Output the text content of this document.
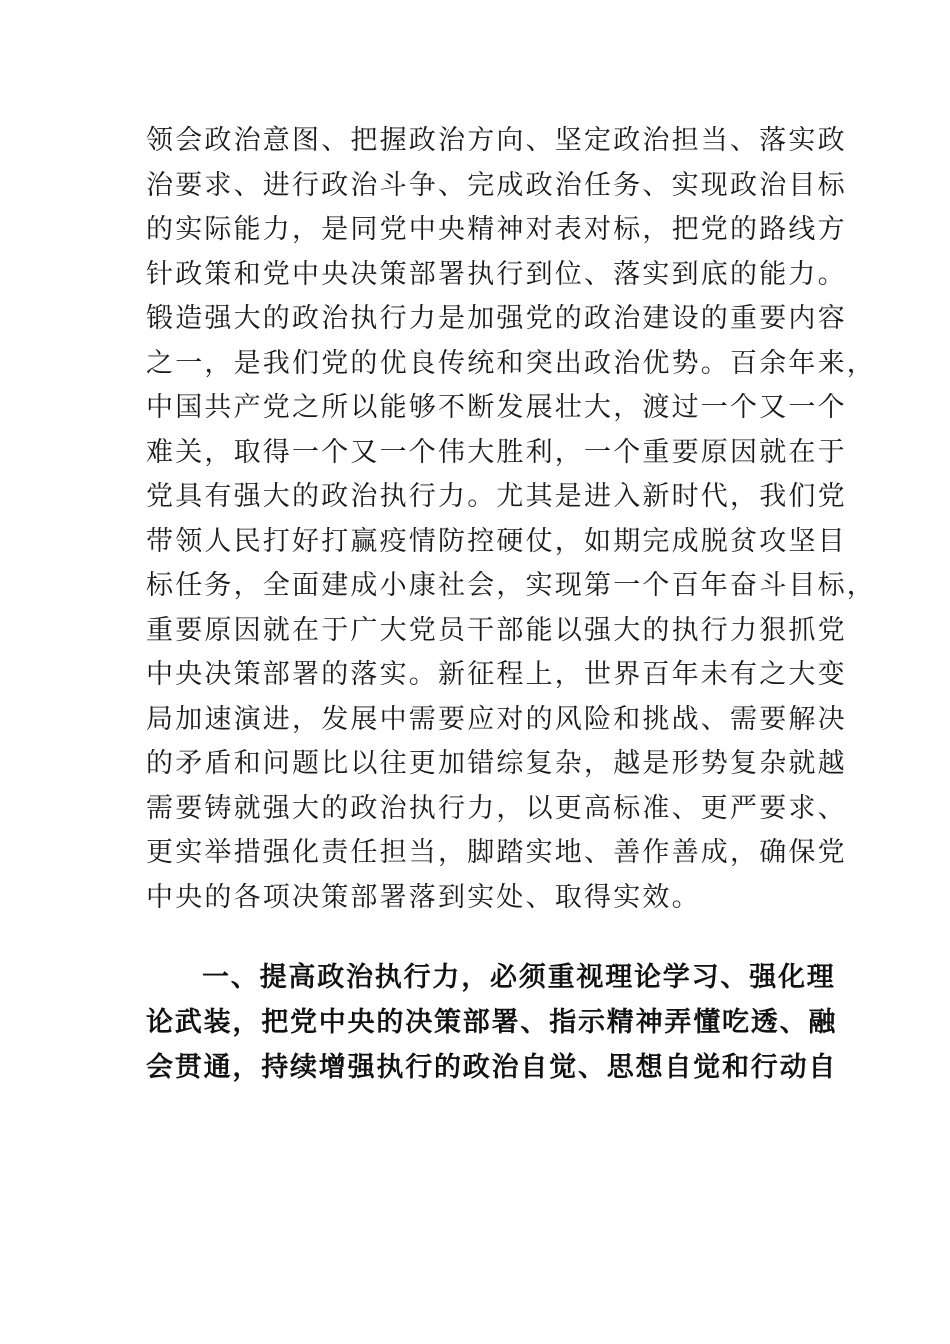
领会政治意图、把握政治方向、坚定政治担当、落实政
治要求、进行政治斗争、完成政治任务、实现政治目标
的实际能力，是同党中央精神对表对标，把党的路线方
针政策和党中央决策部署执行到位、落实到底的能力。
锻造强大的政治执行力是加强党的政治建设的重要内容
之一，是我们党的优良传统和突出政治优势。百余年来，
中国共产党之所以能够不断发展壮大，渡过一个又一个
难关，取得一个又一个伟大胜利，一个重要原因就在于
党具有强大的政治执行力。尤其是进入新时代，我们党
带领人民打好打赢疫情防控硬仗，如期完成脱贫攻坚目
标任务，全面建成小康社会，实现第一个百年奋斗目标，
重要原因就在于广大党员干部能以强大的执行力狠抓党
中央决策部署的落实。新征程上，世界百年未有之大变
局加速演进，发展中需要应对的风险和挑战、需要解决
的矛盾和问题比以往更加错综复杂，越是形势复杂就越
需要铸就强大的政治执行力，以更高标准、更严要求、
更实举措强化责任担当，脚踏实地、善作善成，确保党
中央的各项决策部署落到实处、取得实效。

一、提高政治执行力，必须重视理论学习、强化理
论武装，把党中央的决策部署、指示精神弄懂吃透、融
会贯通，持续增强执行的政治自觉、思想自觉和行动自
